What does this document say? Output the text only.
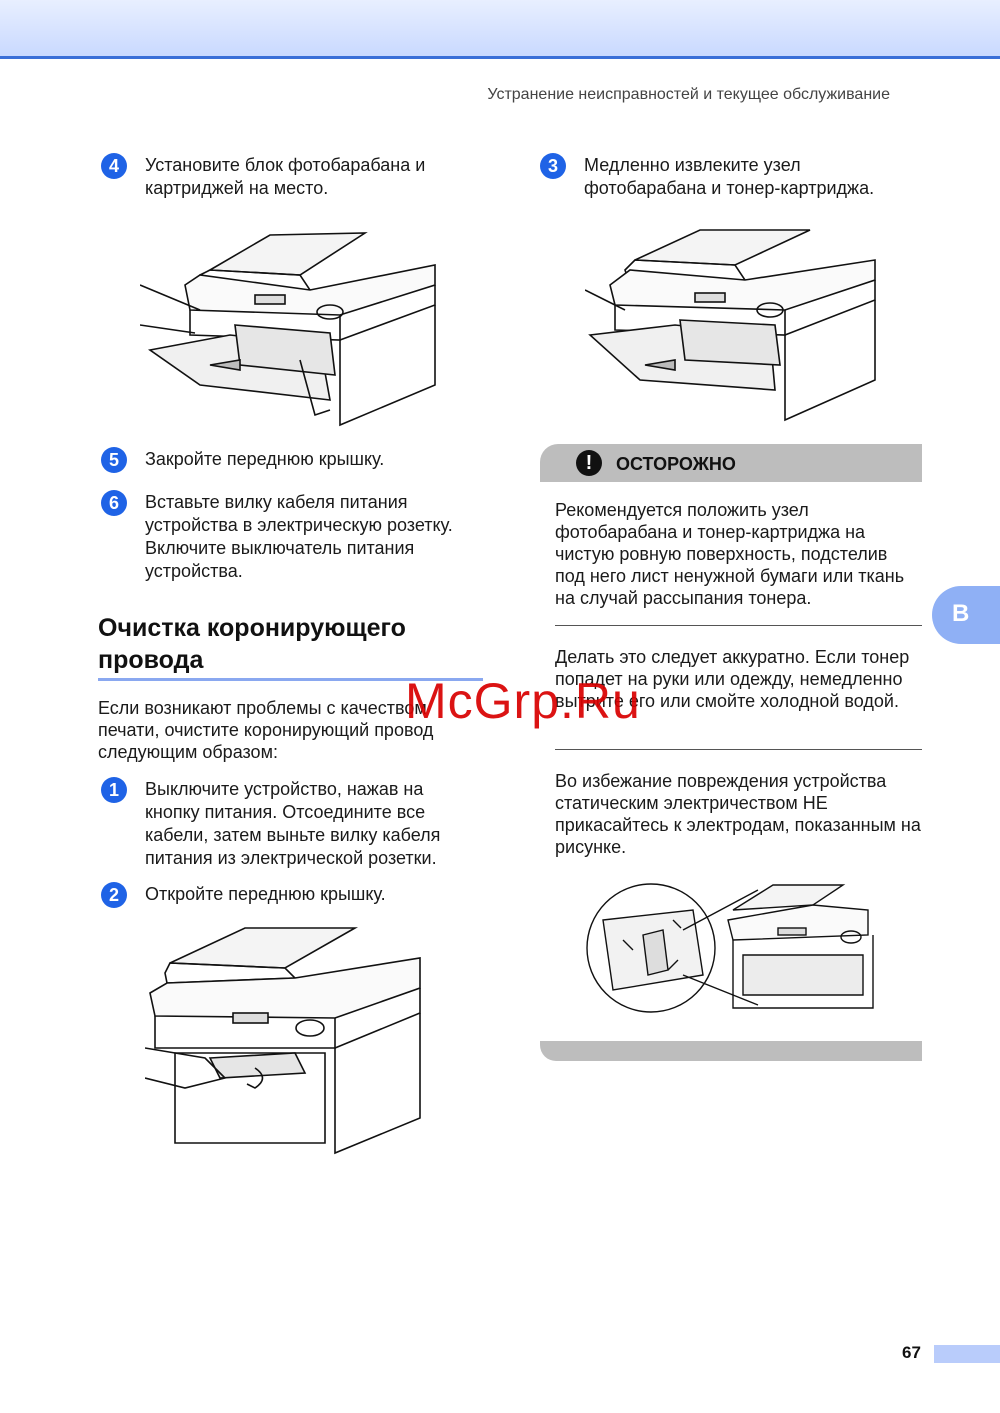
Устранение неисправностей и текущее обслуживание
4	Установите блок фотобарабана и картриджей на место.
5	Закройте переднюю крышку.
6	Вставьте вилку кабеля питания устройства в электрическую розетку. Включите выключатель питания устройства.
Очистка коронирующего провода
Если возникают проблемы с качеством печати, очистите коронирующий провод следующим образом:
1	Выключите устройство, нажав на кнопку питания. Отсоедините все кабели, затем выньте вилку кабеля питания из электрической розетки.
2	Откройте переднюю крышку.
3	Медленно извлеките узел фотобарабана и тонер-картриджа.
!	ОСТОРОЖНО
Рекомендуется положить узел фотобарабана и тонер-картриджа на чистую ровную поверхность, подстелив под него лист ненужной бумаги или ткань на случай рассыпания тонера.
Делать это следует аккуратно. Если тонер попадет на руки или одежду, немедленно вытрите его или смойте холодной водой.
Во избежание повреждения устройства статическим электричеством НЕ прикасайтесь к электродам, показанным на рисунке.
B
McGrp.Ru
67
